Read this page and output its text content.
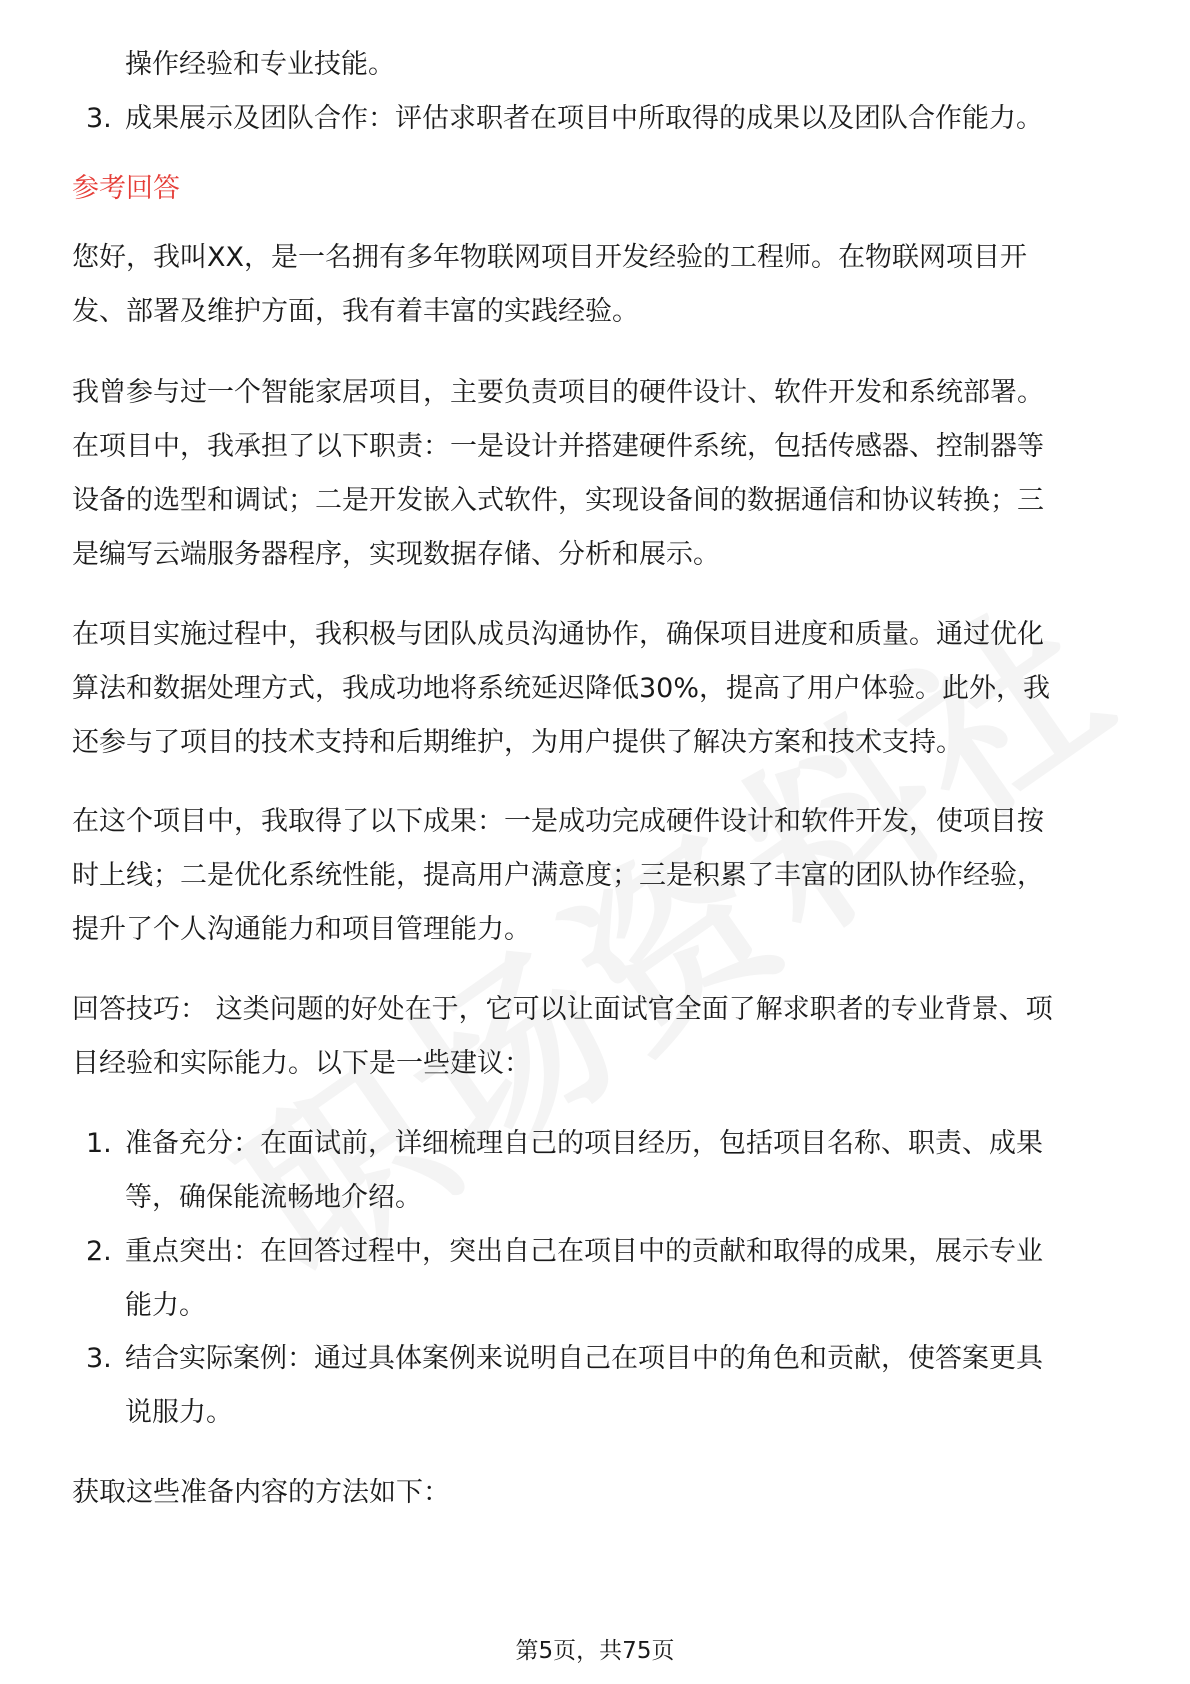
操作经验和专业技能。
3. 成果展示及团队合作：评估求职者在项目中所取得的成果以及团队合作能力。
参考回答
您好，我叫XX，是一名拥有多年物联网项目开发经验的工程师。在物联网项目开
发、部署及维护方面，我有着丰富的实践经验。
我曾参与过一个智能家居项目，主要负责项目的硬件设计、软件开发和系统部署。
在项目中，我承担了以下职责：一是设计并搭建硬件系统，包括传感器、控制器等
设备的选型和调试；二是开发嵌入式软件，实现设备间的数据通信和协议转换；三
是编写云端服务器程序，实现数据存储、分析和展示。
在项目实施过程中，我积极与团队成员沟通协作，确保项目进度和质量。通过优化
算法和数据处理方式，我成功地将系统延迟降低30%，提高了用户体验。此外，我
还参与了项目的技术支持和后期维护，为用户提供了解决方案和技术支持。
在这个项目中，我取得了以下成果：一是成功完成硬件设计和软件开发，使项目按
时上线；二是优化系统性能，提高用户满意度；三是积累了丰富的团队协作经验，
提升了个人沟通能力和项目管理能力。
回答技巧： 这类问题的好处在于，它可以让面试官全面了解求职者的专业背景、项
目经验和实际能力。以下是一些建议：
1. 准备充分：在面试前，详细梳理自己的项目经历，包括项目名称、职责、成果
等，确保能流畅地介绍。
2. 重点突出：在回答过程中，突出自己在项目中的贡献和取得的成果，展示专业
能力。
3. 结合实际案例：通过具体案例来说明自己在项目中的角色和贡献，使答案更具
说服力。
获取这些准备内容的方法如下：
第5页，共75页
